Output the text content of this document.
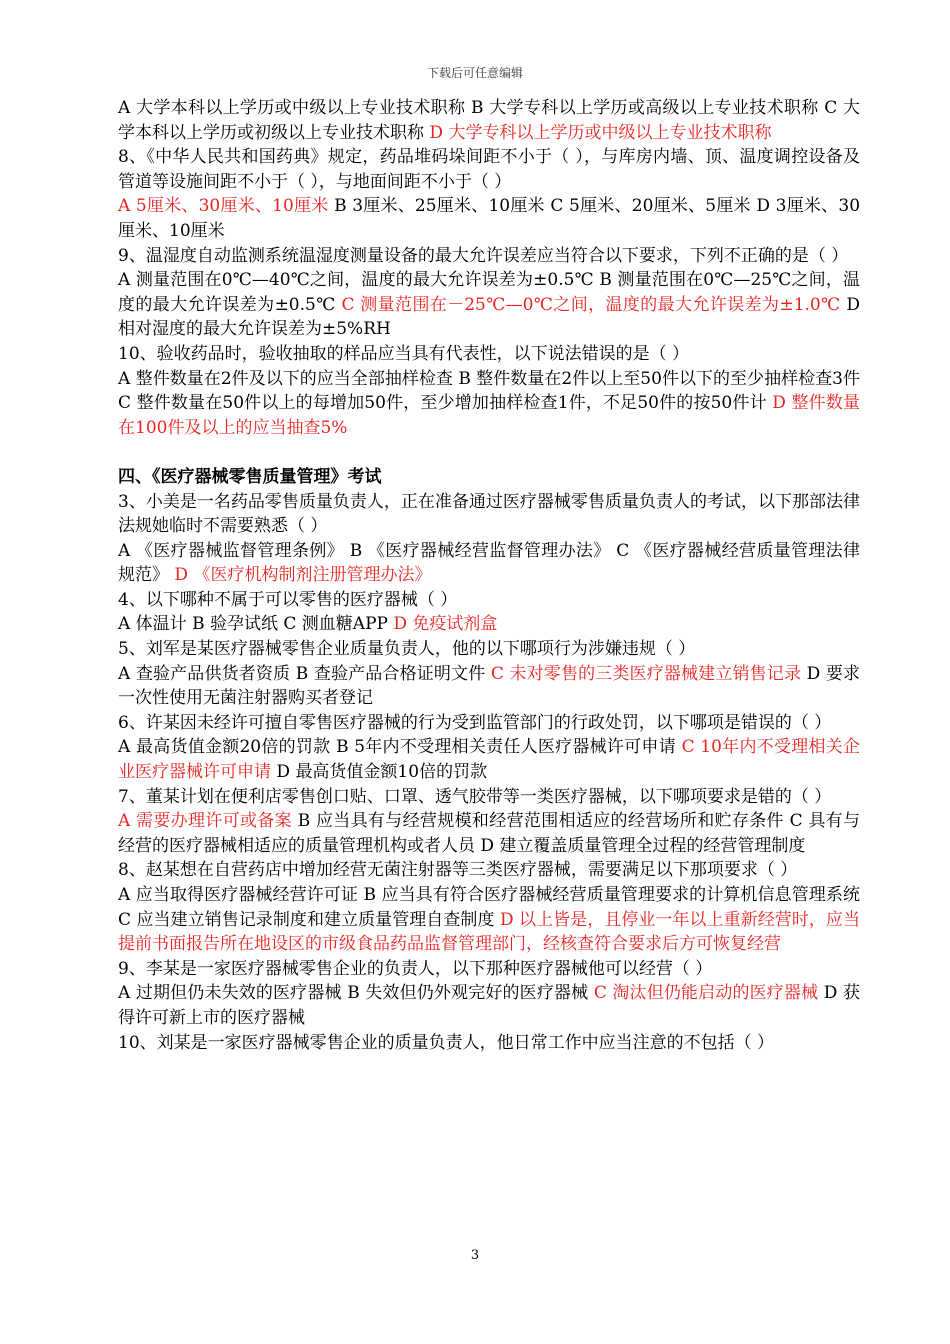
下载后可任意编辑

A 大学本科以上学历或中级以上专业技术职称 B 大学专科以上学历或高级以上专业技术职称 C 大学本科以上学历或初级以上专业技术职称 D 大学专科以上学历或中级以上专业技术职称

8、《中华人民共和国药典》规定，药品堆码垛间距不小于（ ），与库房内墙、顶、温度调控设备及管道等设施间距不小于（ ），与地面间距不小于（ ）

A 5厘米、30厘米、10厘米 B 3厘米、25厘米、10厘米 C 5厘米、20厘米、5厘米 D 3厘米、30厘米、10厘米

9、温湿度自动监测系统温湿度测量设备的最大允许误差应当符合以下要求，下列不正确的是（ ）

A 测量范围在0℃—40℃之间，温度的最大允许误差为±0.5℃ B 测量范围在0℃—25℃之间，温度的最大允许误差为±0.5℃ C 测量范围在－25℃—0℃之间，温度的最大允许误差为±1.0℃ D 相对湿度的最大允许误差为±5%RH

10、验收药品时，验收抽取的样品应当具有代表性，以下说法错误的是（ ）

A 整件数量在2件及以下的应当全部抽样检查 B 整件数量在2件以上至50件以下的至少抽样检查3件 C 整件数量在50件以上的每增加50件，至少增加抽样检查1件，不足50件的按50件计 D 整件数量在100件及以上的应当抽查5%

四、《医疗器械零售质量管理》考试

3、小美是一名药品零售质量负责人，正在准备通过医疗器械零售质量负责人的考试，以下那部法律法规她临时不需要熟悉（ ）

A 《医疗器械监督管理条例》 B 《医疗器械经营监督管理办法》 C 《医疗器械经营质量管理法律规范》 D 《医疗机构制剂注册管理办法》

4、以下哪种不属于可以零售的医疗器械（ ）

A 体温计 B 验孕试纸 C 测血糖APP D 免疫试剂盒

5、刘军是某医疗器械零售企业质量负责人，他的以下哪项行为涉嫌违规（ ）

A 查验产品供货者资质 B 查验产品合格证明文件 C 未对零售的三类医疗器械建立销售记录 D 要求一次性使用无菌注射器购买者登记

6、许某因未经许可擅自零售医疗器械的行为受到监管部门的行政处罚，以下哪项是错误的（ ）

A 最高货值金额20倍的罚款 B 5年内不受理相关责任人医疗器械许可申请 C 10年内不受理相关企业医疗器械许可申请 D 最高货值金额10倍的罚款

7、董某计划在便利店零售创口贴、口罩、透气胶带等一类医疗器械，以下哪项要求是错的（ ）

A 需要办理许可或备案 B 应当具有与经营规模和经营范围相适应的经营场所和贮存条件 C 具有与经营的医疗器械相适应的质量管理机构或者人员 D 建立覆盖质量管理全过程的经营管理制度

8、赵某想在自营药店中增加经营无菌注射器等三类医疗器械，需要满足以下那项要求（ ）

A 应当取得医疗器械经营许可证 B 应当具有符合医疗器械经营质量管理要求的计算机信息管理系统 C 应当建立销售记录制度和建立质量管理自查制度 D 以上皆是，且停业一年以上重新经营时，应当提前书面报告所在地设区的市级食品药品监督管理部门，经核查符合要求后方可恢复经营

9、李某是一家医疗器械零售企业的负责人，以下那种医疗器械他可以经营（ ）

A 过期但仍未失效的医疗器械 B 失效但仍外观完好的医疗器械 C 淘汰但仍能启动的医疗器械 D 获得许可新上市的医疗器械

10、刘某是一家医疗器械零售企业的质量负责人，他日常工作中应当注意的不包括（ ）

3
